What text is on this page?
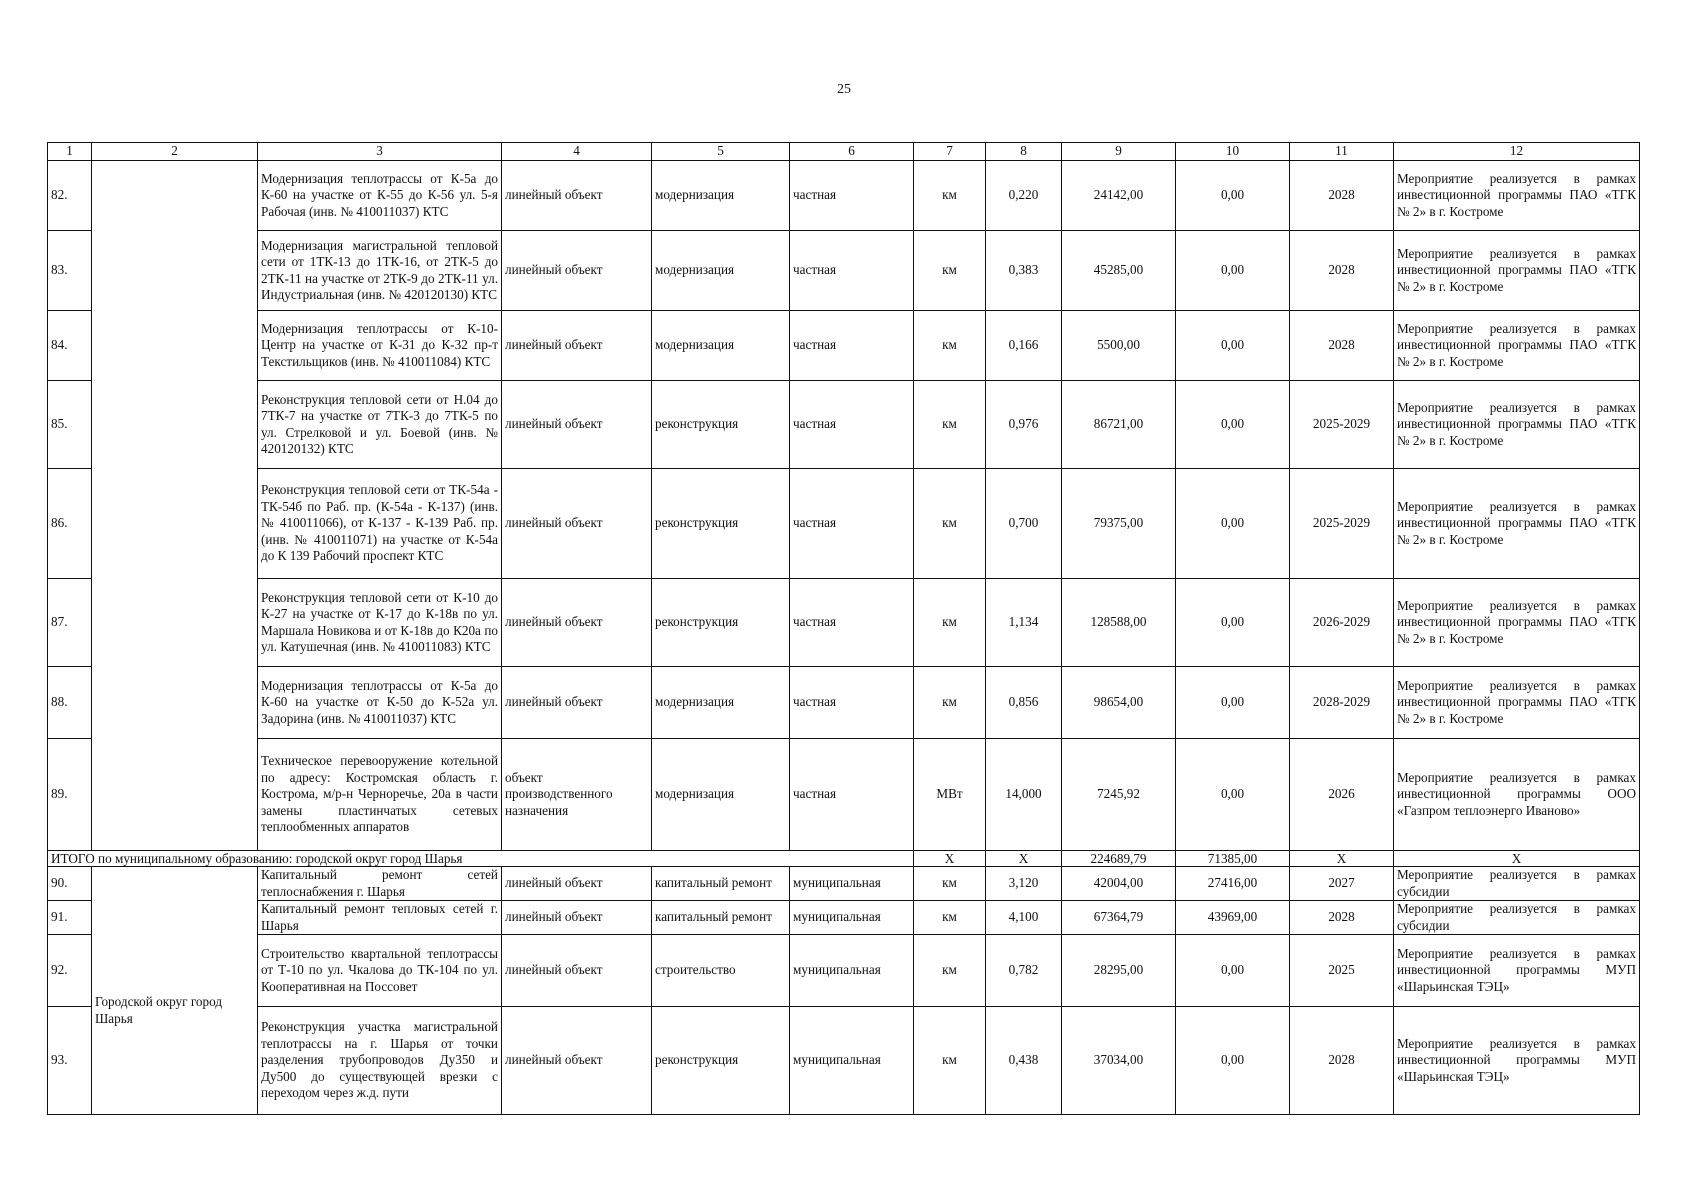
25
1	2	3	4	5	6	7	8	9	10	11	12
82.		Модернизация теплотрассы от К-5а до К-60 на участке от К-55 до К-56 ул. 5-я Рабочая (инв. № 410011037) КТС	линейный объект	модернизация	частная	км	0,220	24142,00	0,00	2028	Мероприятие реализуется в рамках инвестиционной программы ПАО «ТГК № 2» в г. Костроме
83.		Модернизация магистральной тепловой сети от 1ТК-13 до 1ТК-16, от 2ТК-5 до 2ТК-11 на участке от 2ТК-9 до 2ТК-11 ул. Индустриальная (инв. № 420120130) КТС	линейный объект	модернизация	частная	км	0,383	45285,00	0,00	2028	Мероприятие реализуется в рамках инвестиционной программы ПАО «ТГК № 2» в г. Костроме
84.		Модернизация теплотрассы от К-10-Центр на участке от К-31 до К-32 пр-т Текстильщиков (инв. № 410011084) КТС	линейный объект	модернизация	частная	км	0,166	5500,00	0,00	2028	Мероприятие реализуется в рамках инвестиционной программы ПАО «ТГК № 2» в г. Костроме
85.		Реконструкция тепловой сети от Н.04 до 7ТК-7 на участке от 7ТК-3 до 7ТК-5 по ул. Стрелковой и ул. Боевой (инв. № 420120132) КТС	линейный объект	реконструкция	частная	км	0,976	86721,00	0,00	2025-2029	Мероприятие реализуется в рамках инвестиционной программы ПАО «ТГК № 2» в г. Костроме
86.		Реконструкция тепловой сети от ТК-54а - ТК-54б по Раб. пр. (К-54а - К-137) (инв. № 410011066), от К-137 - К-139 Раб. пр. (инв. № 410011071) на участке от К-54а до К 139 Рабочий проспект КТС	линейный объект	реконструкция	частная	км	0,700	79375,00	0,00	2025-2029	Мероприятие реализуется в рамках инвестиционной программы ПАО «ТГК № 2» в г. Костроме
87.		Реконструкция тепловой сети от К-10 до К-27 на участке от К-17 до К-18в по ул. Маршала Новикова и от К-18в до К20а по ул. Катушечная (инв. № 410011083) КТС	линейный объект	реконструкция	частная	км	1,134	128588,00	0,00	2026-2029	Мероприятие реализуется в рамках инвестиционной программы ПАО «ТГК № 2» в г. Костроме
88.		Модернизация теплотрассы от К-5а до К-60 на участке от К-50 до К-52а ул. Задорина (инв. № 410011037) КТС	линейный объект	модернизация	частная	км	0,856	98654,00	0,00	2028-2029	Мероприятие реализуется в рамках инвестиционной программы ПАО «ТГК № 2» в г. Костроме
89.		Техническое перевооружение котельной по адресу: Костромская область г. Кострома, м/р-н Черноречье, 20а в части замены пластинчатых сетевых теплообменных аппаратов	объект производственного назначения	модернизация	частная	МВт	14,000	7245,92	0,00	2026	Мероприятие реализуется в рамках инвестиционной программы ООО «Газпром теплоэнерго Иваново»
ИТОГО по муниципальному образованию: городской округ город Шарья						X	X	224689,79	71385,00	X	X
90.	Городской округ город Шарья	Капитальный ремонт сетей теплоснабжения г. Шарья	линейный объект	капитальный ремонт	муниципальная	км	3,120	42004,00	27416,00	2027	Мероприятие реализуется в рамках субсидии
91.		Капитальный ремонт тепловых сетей г. Шарья	линейный объект	капитальный ремонт	муниципальная	км	4,100	67364,79	43969,00	2028	Мероприятие реализуется в рамках субсидии
92.		Строительство квартальной теплотрассы от Т-10 по ул. Чкалова до ТК-104 по ул. Кооперативная на Поссовет	линейный объект	строительство	муниципальная	км	0,782	28295,00	0,00	2025	Мероприятие реализуется в рамках инвестиционной программы МУП «Шарьинская ТЭЦ»
93.		Реконструкция участка магистральной теплотрассы на г. Шарья от точки разделения трубопроводов Ду350 и Ду500 до существующей врезки с переходом через ж.д. пути	линейный объект	реконструкция	муниципальная	км	0,438	37034,00	0,00	2028	Мероприятие реализуется в рамках инвестиционной программы МУП «Шарьинская ТЭЦ»
